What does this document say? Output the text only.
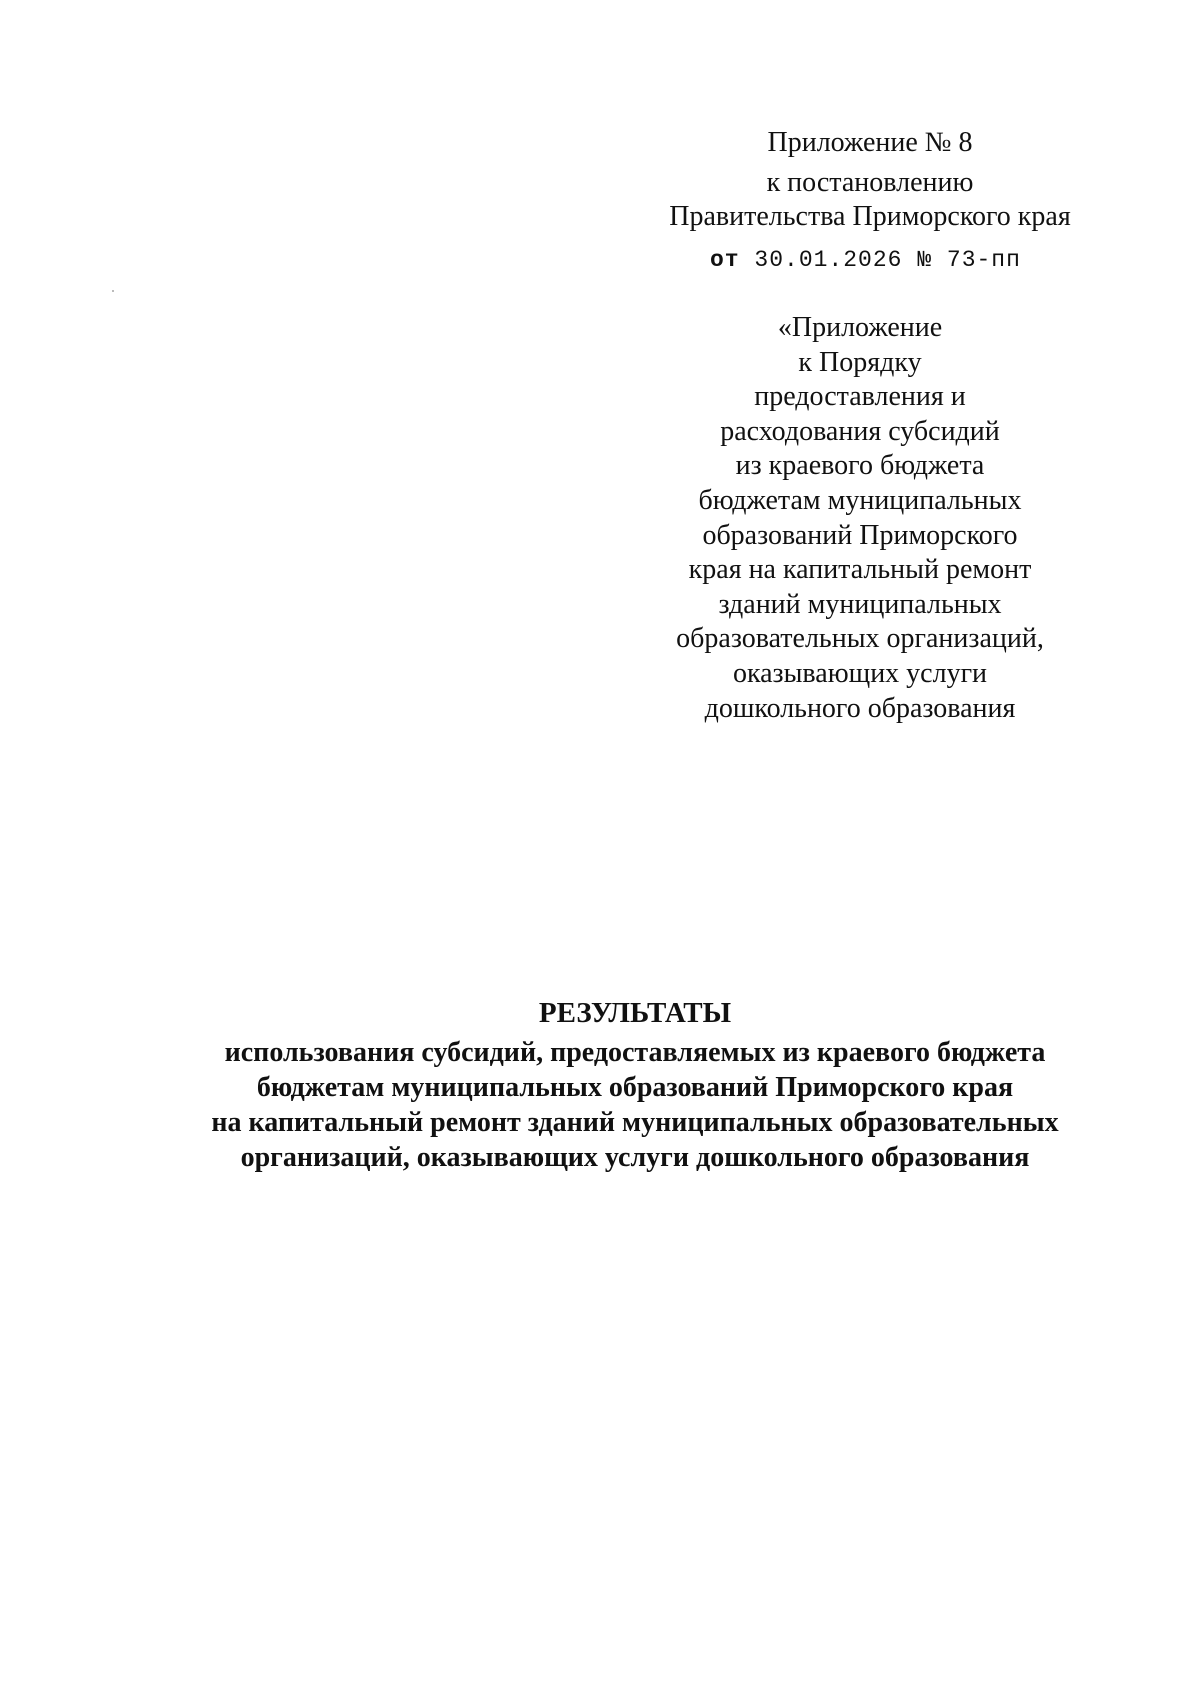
Приложение № 8
к постановлению
Правительства Приморского края
от 30.01.2026 № 73-пп
«Приложение
к Порядку
предоставления и
расходования субсидий
из краевого бюджета
бюджетам муниципальных
образований Приморского
края на капитальный ремонт
зданий муниципальных
образовательных организаций,
оказывающих услуги
дошкольного образования
РЕЗУЛЬТАТЫ
использования субсидий, предоставляемых из краевого бюджета
бюджетам муниципальных образований Приморского края
на капитальный ремонт зданий муниципальных образовательных
организаций, оказывающих услуги дошкольного образования
